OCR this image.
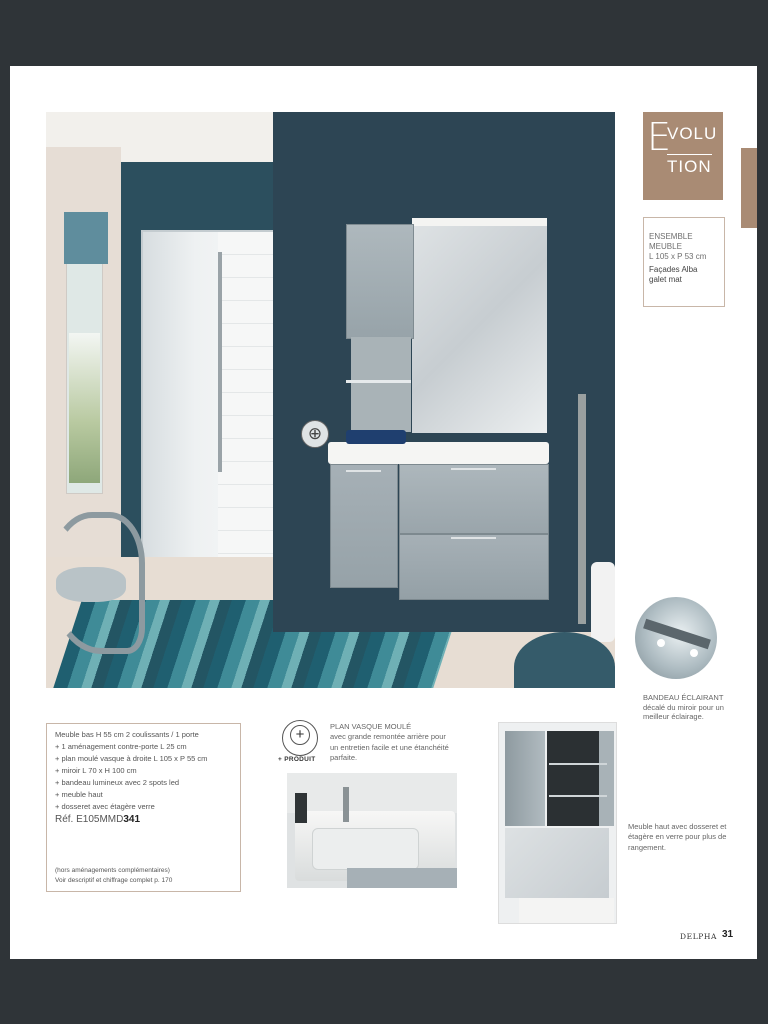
⊕
E
VOLU
TION
ENSEMBLE
MEUBLE
L 105 x P 53 cm
Façades Alba
galet mat
BANDEAU ÉCLAIRANT
décalé du miroir pour un
meilleur éclairage.
Meuble bas H 55 cm 2 coulissants / 1 porte
+ 1 aménagement contre-porte L 25 cm
+ plan moulé vasque à droite L 105 x P 55 cm
+ miroir L 70 x H 100 cm
+ bandeau lumineux avec 2 spots led
+ meuble haut
+ dosseret avec étagère verre
Réf. E105MMD341
(hors aménagements complémentaires)
Voir descriptif et chiffrage complet p. 170
+
+ PRODUIT
PLAN VASQUE MOULÉ
avec grande remontée arrière pour
un entretien facile et une étanchéité
parfaite.
Meuble haut avec dosseret et
étagère en verre pour plus de
rangement.
DELPHA 31
